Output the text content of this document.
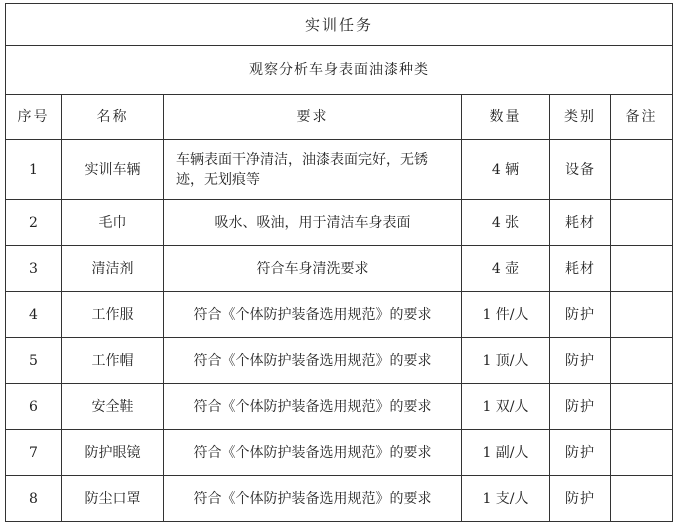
实训任务					
观察分析车身表面油漆种类					
序号	名称	要求	数量	类别	备注
1	实训车辆	车辆表面干净清洁，油漆表面完好，无锈迹，无划痕等	4 辆	设备	
2	毛巾	吸水、吸油，用于清洁车身表面	4 张	耗材	
3	清洁剂	符合车身清洗要求	4 壶	耗材	
4	工作服	符合《个体防护装备选用规范》的要求	1 件/人	防护	
5	工作帽	符合《个体防护装备选用规范》的要求	1 顶/人	防护	
6	安全鞋	符合《个体防护装备选用规范》的要求	1 双/人	防护	
7	防护眼镜	符合《个体防护装备选用规范》的要求	1 副/人	防护	
8	防尘口罩	符合《个体防护装备选用规范》的要求	1 支/人	防护	
